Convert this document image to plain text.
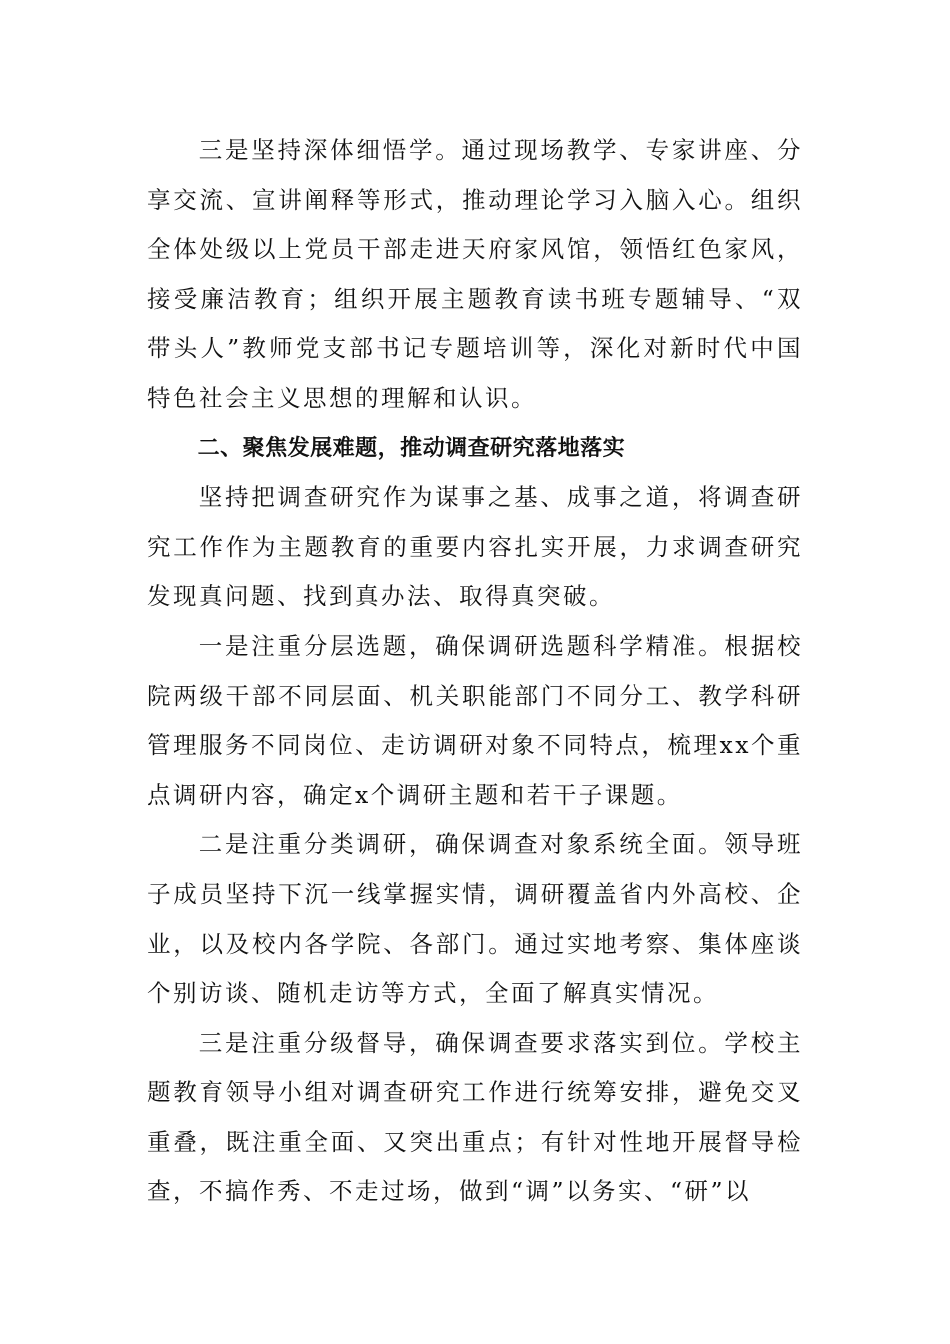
三是坚持深体细悟学。通过现场教学、专家讲座、分享交流、宣讲阐释等形式，推动理论学习入脑入心。组织全体处级以上党员干部走进天府家风馆，领悟红色家风，接受廉洁教育；组织开展主题教育读书班专题辅导、“双带头人”教师党支部书记专题培训等，深化对新时代中国特色社会主义思想的理解和认识。

二、聚焦发展难题，推动调查研究落地落实

坚持把调查研究作为谋事之基、成事之道，将调查研究工作作为主题教育的重要内容扎实开展，力求调查研究发现真问题、找到真办法、取得真突破。

一是注重分层选题，确保调研选题科学精准。根据校院两级干部不同层面、机关职能部门不同分工、教学科研管理服务不同岗位、走访调研对象不同特点，梳理xx个重点调研内容，确定x个调研主题和若干子课题。

二是注重分类调研，确保调查对象系统全面。领导班子成员坚持下沉一线掌握实情，调研覆盖省内外高校、企业，以及校内各学院、各部门。通过实地考察、集体座谈个别访谈、随机走访等方式，全面了解真实情况。

三是注重分级督导，确保调查要求落实到位。学校主题教育领导小组对调查研究工作进行统筹安排，避免交叉重叠，既注重全面、又突出重点；有针对性地开展督导检查，不搞作秀、不走过场，做到“调”以务实、“研”以
